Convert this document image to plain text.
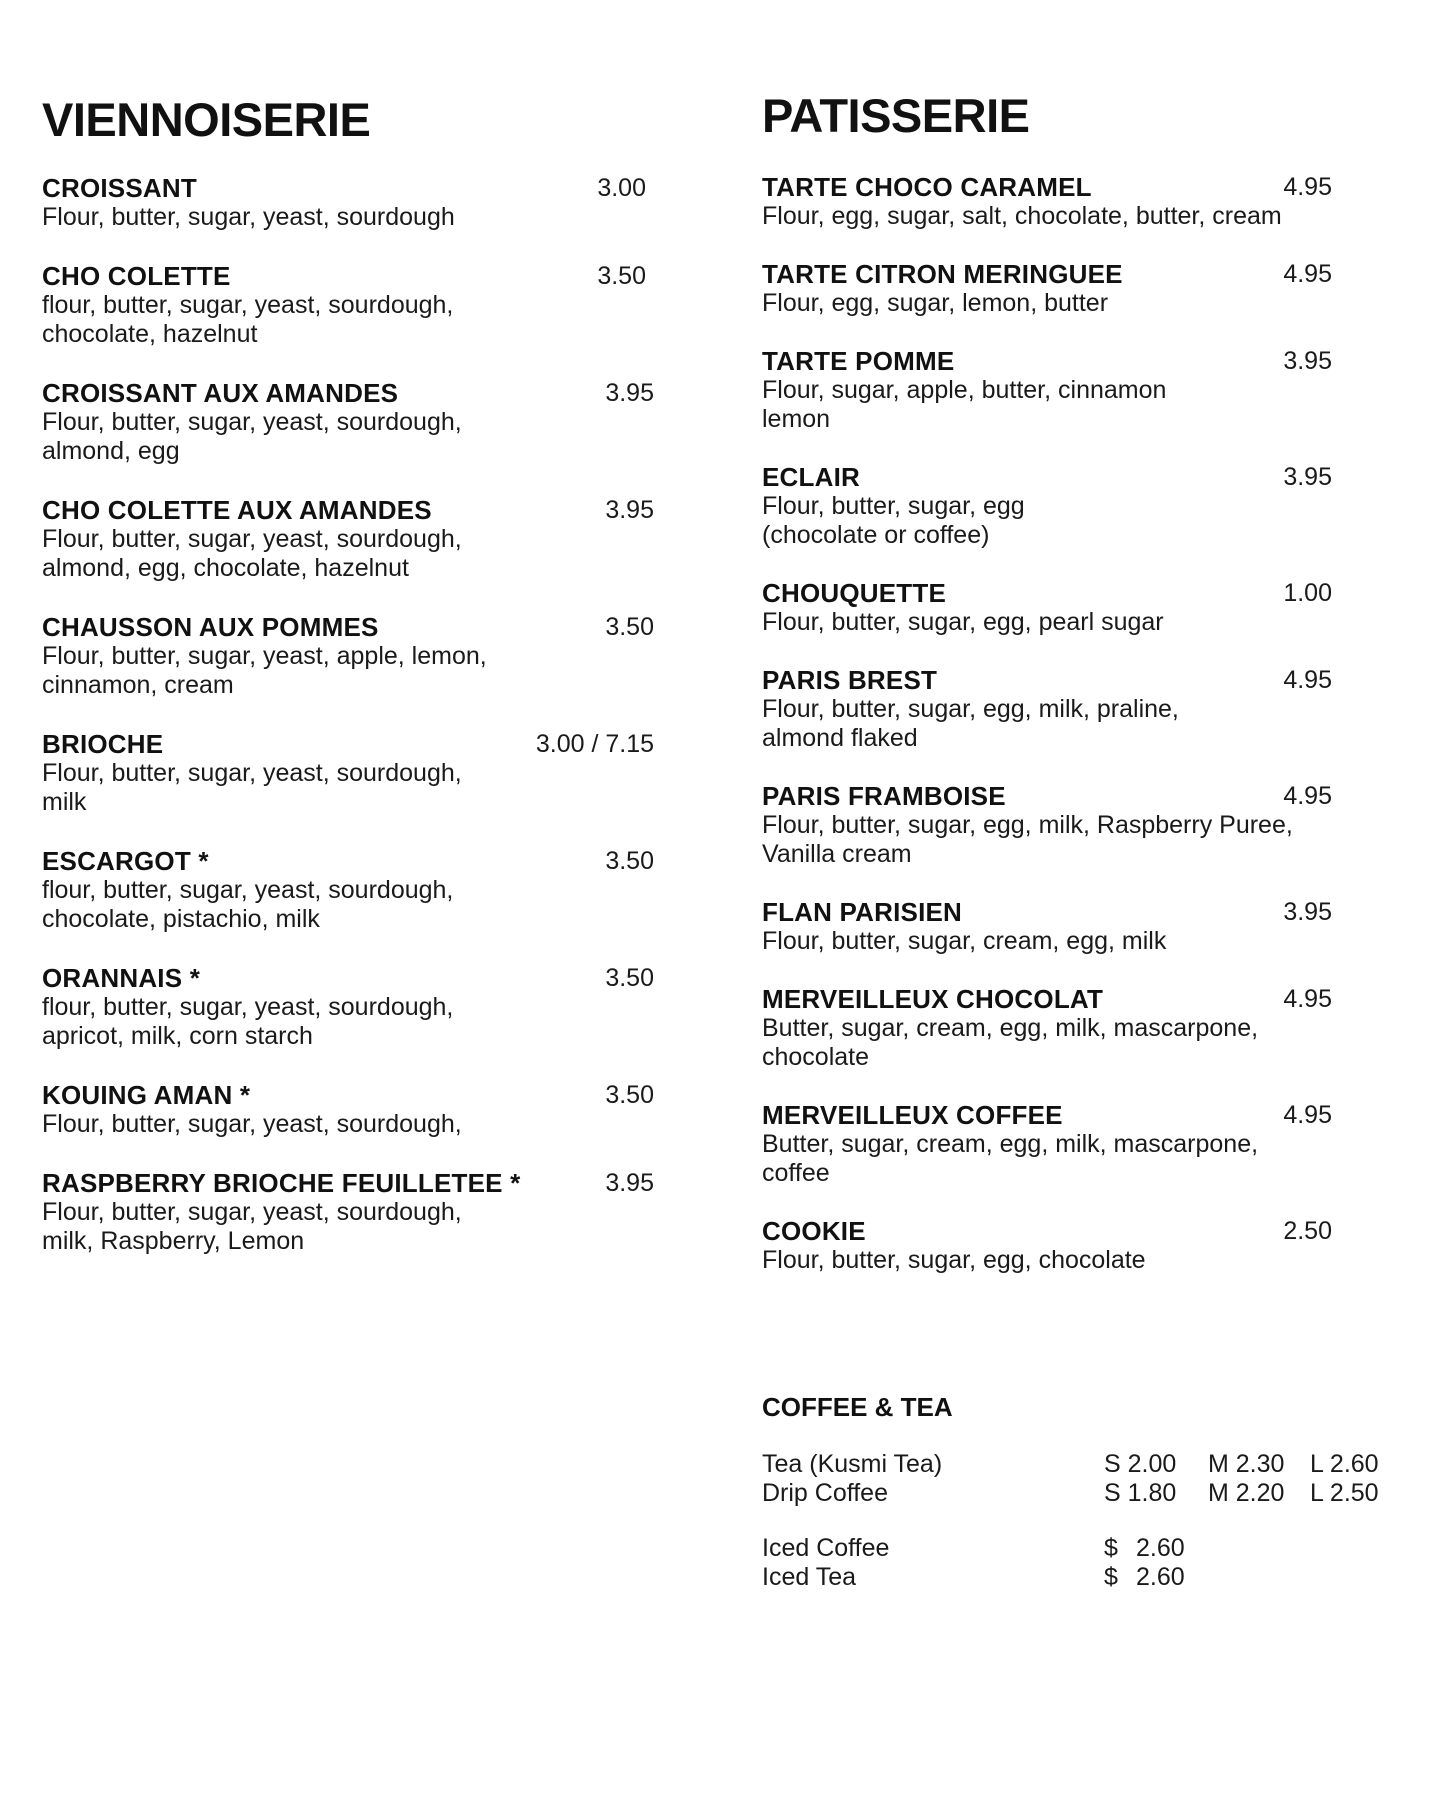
VIENNOISERIE
CROISSANT	3.00
Flour, butter, sugar, yeast, sourdough
CHO COLETTE	3.50
flour, butter, sugar, yeast, sourdough, chocolate, hazelnut
CROISSANT AUX AMANDES	3.95
Flour, butter, sugar, yeast, sourdough, almond, egg
CHO COLETTE AUX AMANDES	3.95
Flour, butter, sugar, yeast, sourdough, almond, egg, chocolate, hazelnut
CHAUSSON AUX POMMES	3.50
Flour, butter, sugar, yeast, apple, lemon, cinnamon, cream
BRIOCHE	3.00 / 7.15
Flour, butter, sugar, yeast, sourdough, milk
ESCARGOT *	3.50
flour, butter, sugar, yeast, sourdough, chocolate, pistachio, milk
ORANNAIS *	3.50
flour, butter, sugar, yeast, sourdough, apricot, milk, corn starch
KOUING AMAN *	3.50
Flour, butter, sugar, yeast, sourdough,
RASPBERRY BRIOCHE FEUILLETEE *	3.95
Flour, butter, sugar, yeast, sourdough, milk, Raspberry, Lemon
PATISSERIE
TARTE CHOCO CARAMEL	4.95
Flour, egg, sugar, salt, chocolate, butter, cream
TARTE CITRON MERINGUEE	4.95
Flour, egg, sugar, lemon, butter
TARTE POMME	3.95
Flour, sugar, apple, butter, cinnamon lemon
ECLAIR	3.95
Flour, butter, sugar, egg (chocolate or coffee)
CHOUQUETTE	1.00
Flour, butter, sugar, egg, pearl sugar
PARIS BREST	4.95
Flour, butter, sugar, egg, milk, praline, almond flaked
PARIS FRAMBOISE	4.95
Flour, butter, sugar, egg, milk, Raspberry Puree, Vanilla cream
FLAN PARISIEN	3.95
Flour, butter, sugar, cream, egg, milk
MERVEILLEUX CHOCOLAT	4.95
Butter, sugar, cream, egg, milk, mascarpone, chocolate
MERVEILLEUX COFFEE	4.95
Butter, sugar, cream, egg, milk, mascarpone, coffee
COOKIE	2.50
Flour, butter, sugar, egg, chocolate
COFFEE & TEA
Tea (Kusmi Tea)	S 2.00 M 2.30 L 2.60
Drip Coffee	S 1.80 M 2.20 L 2.50
Iced Coffee	$ 2.60
Iced Tea	$ 2.60
